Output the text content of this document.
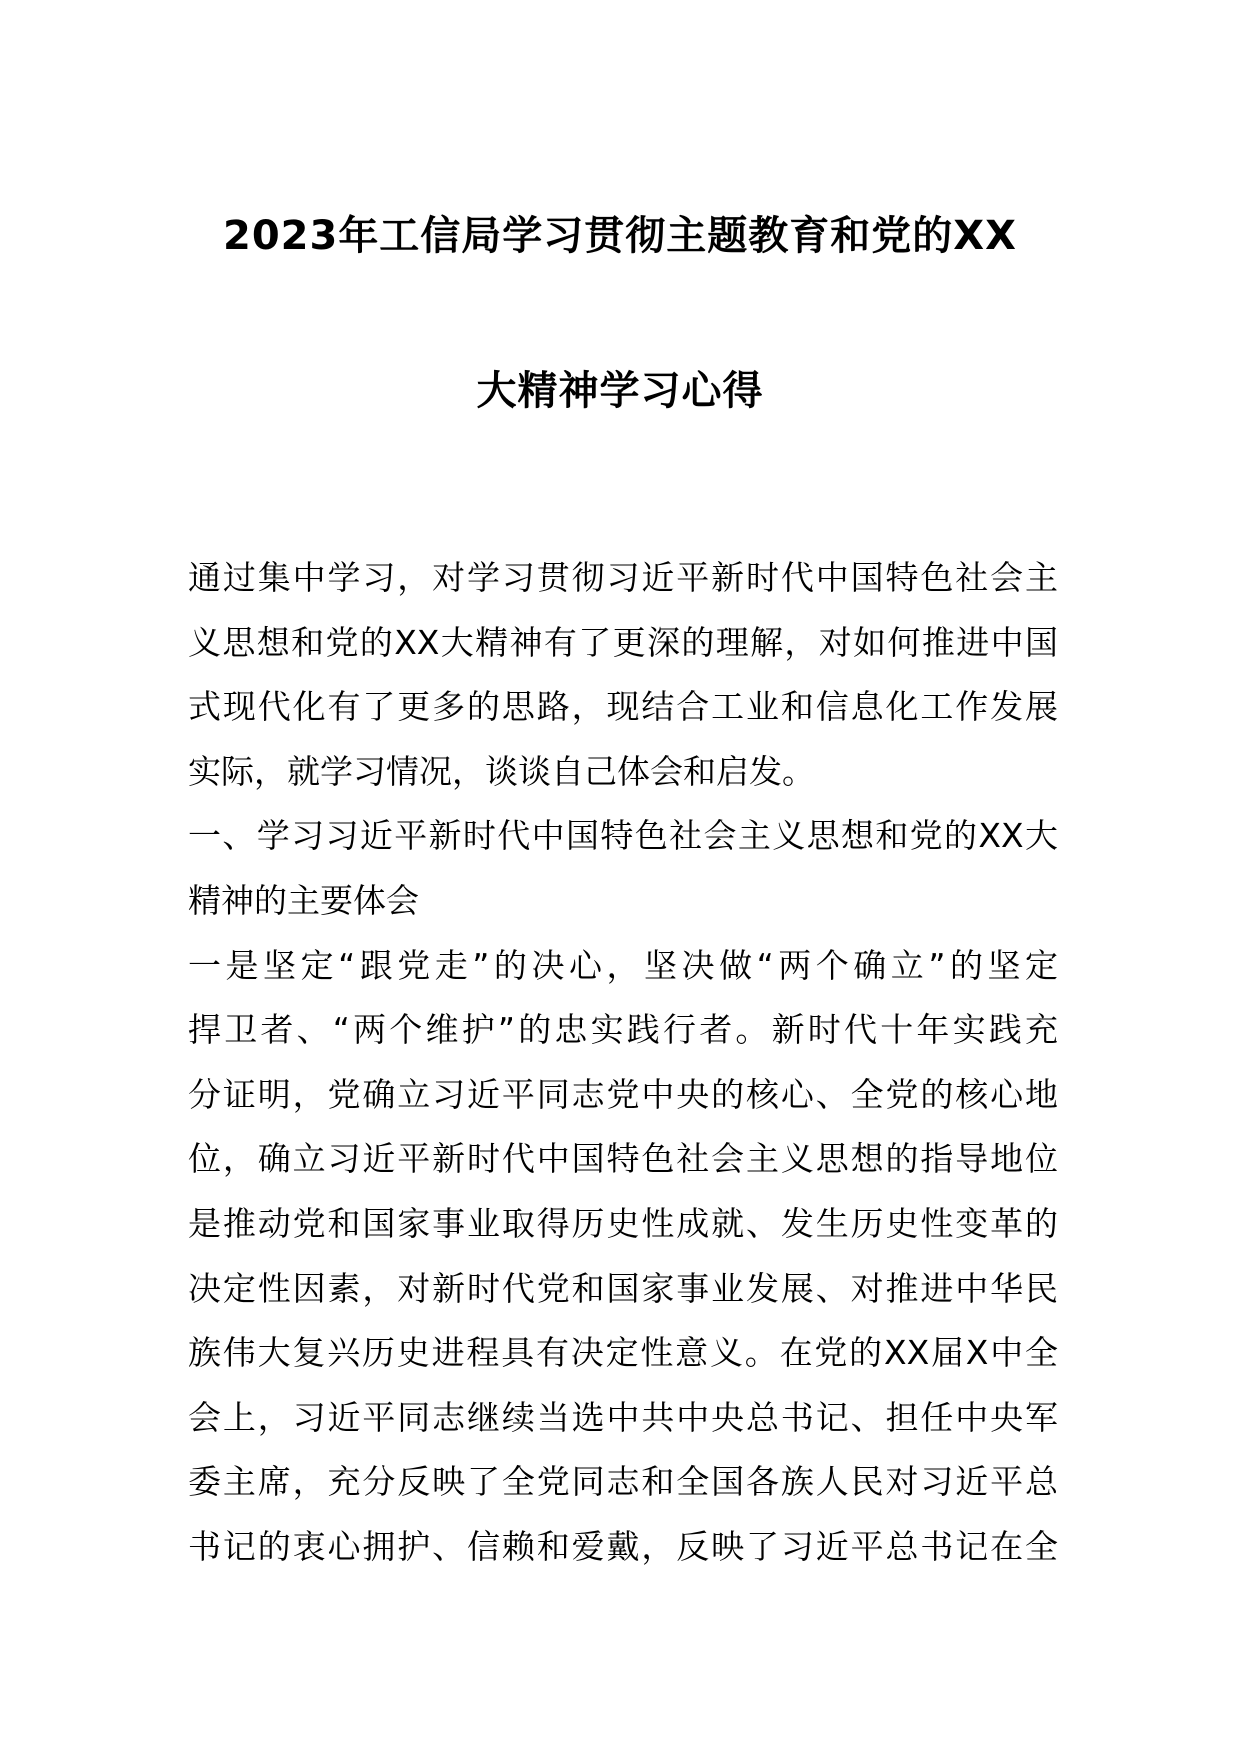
2023年工信局学习贯彻主题教育和党的XX
大精神学习心得
通过集中学习，对学习贯彻习近平新时代中国特色社会主
义思想和党的XX大精神有了更深的理解，对如何推进中国
式现代化有了更多的思路，现结合工业和信息化工作发展
实际，就学习情况，谈谈自己体会和启发。
一、学习习近平新时代中国特色社会主义思想和党的XX大
精神的主要体会
一是坚定“跟党走”的决心，坚决做“两个确立”的坚定
捍卫者、“两个维护”的忠实践行者。新时代十年实践充
分证明，党确立习近平同志党中央的核心、全党的核心地
位，确立习近平新时代中国特色社会主义思想的指导地位
是推动党和国家事业取得历史性成就、发生历史性变革的
决定性因素，对新时代党和国家事业发展、对推进中华民
族伟大复兴历史进程具有决定性意义。在党的XX届X中全
会上，习近平同志继续当选中共中央总书记、担任中央军
委主席，充分反映了全党同志和全国各族人民对习近平总
书记的衷心拥护、信赖和爱戴，反映了习近平总书记在全
